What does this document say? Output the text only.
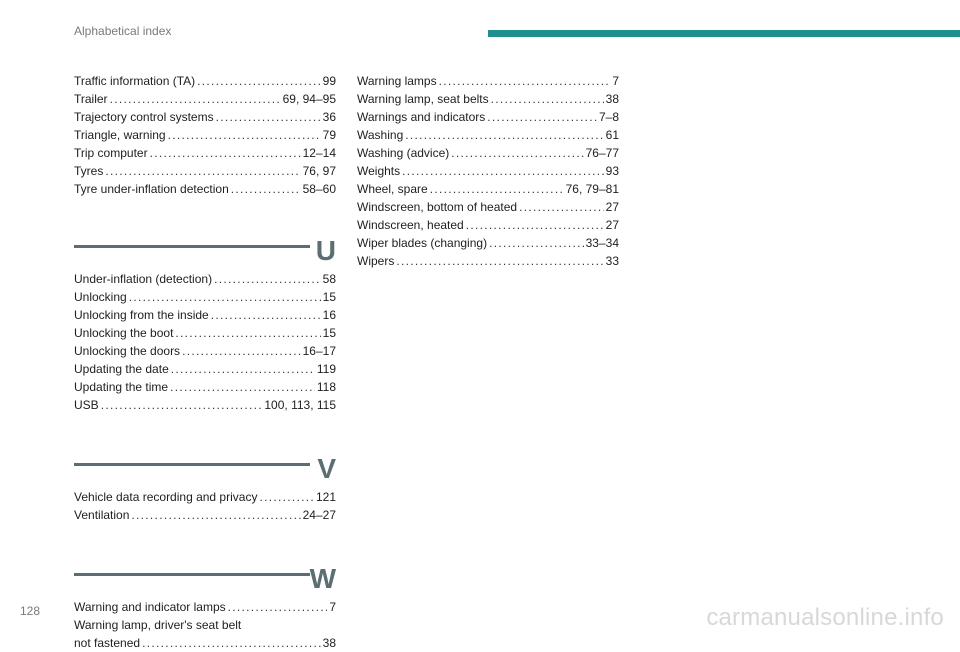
Alphabetical index
Traffic information (TA) .....	99
Trailer .....	69, 94–95
Trajectory control systems .....	36
Triangle, warning .....	79
Trip computer .....	12–14
Tyres .....	76, 97
Tyre under-inflation detection .....	58–60
U
Under-inflation (detection) .....	58
Unlocking .....	15
Unlocking from the inside .....	16
Unlocking the boot .....	15
Unlocking the doors .....	16–17
Updating the date .....	119
Updating the time .....	118
USB .....	100, 113, 115
V
Vehicle data recording and privacy .....	121
Ventilation .....	24–27
W
Warning and indicator lamps .....	7
Warning lamp, driver's seat belt
not fastened .....	38
Warning lamps .....	7
Warning lamp, seat belts .....	38
Warnings and indicators .....	7–8
Washing .....	61
Washing (advice) .....	76–77
Weights .....	93
Wheel, spare .....	76, 79–81
Windscreen, bottom of heated .....	27
Windscreen, heated .....	27
Wiper blades (changing) .....	33–34
Wipers .....	33
128	carmanualsonline.info
